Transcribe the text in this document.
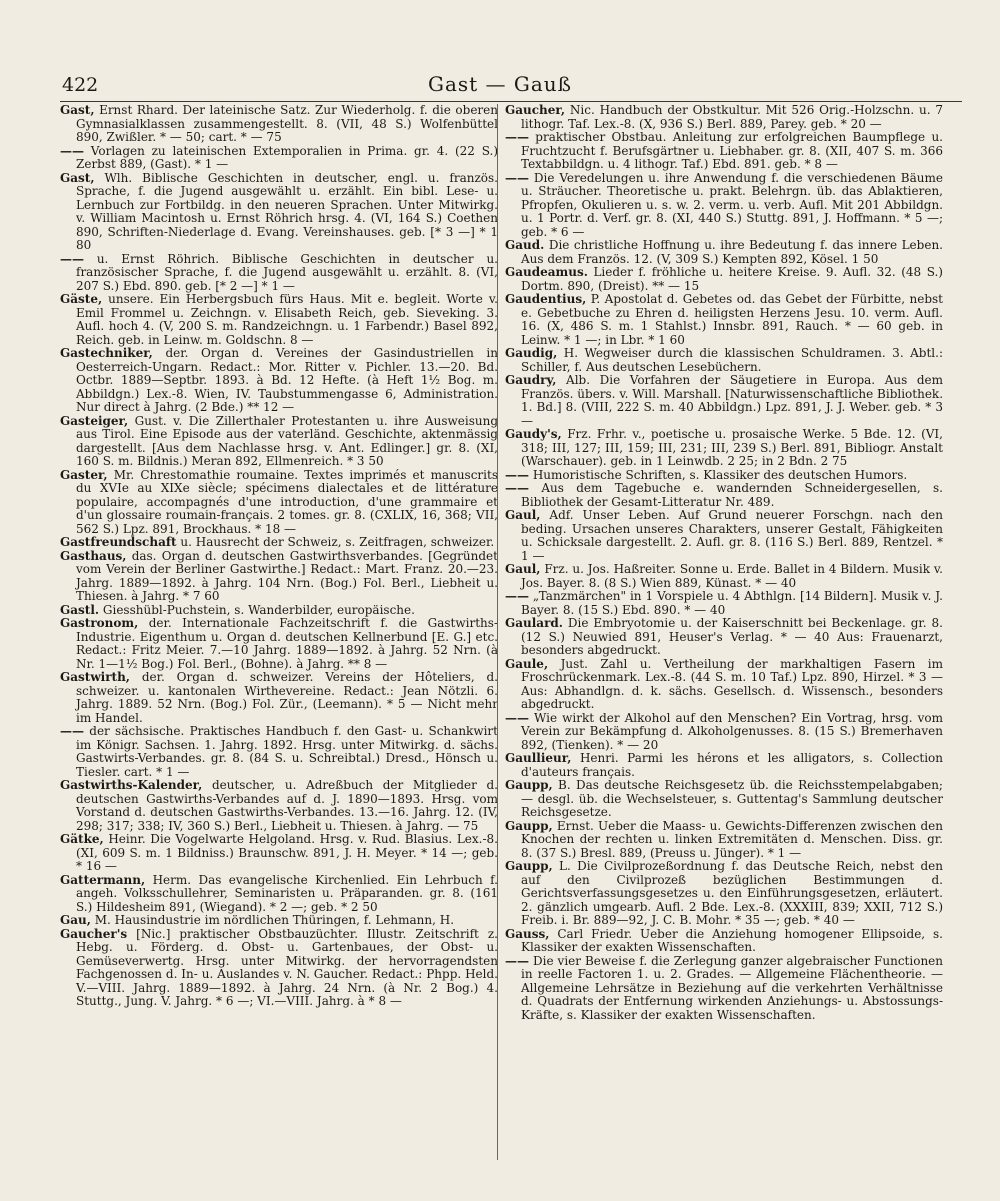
422	Gast — Gauß

Gast, Ernst Rhard. Der lateinische Satz. Zur Wiederholg. f. die oberen Gymnasialklassen zusammengestellt. 8. (VII, 48 S.) Wolfenbüttel 890, Zwißler. * — 50; cart. * — 75

—— Vorlagen zu lateinischen Extemporalien in Prima. gr. 4. (22 S.) Zerbst 889, (Gast). * 1 —

Gast, Wlh. Biblische Geschichten in deutscher, engl. u. französ. Sprache, f. die Jugend ausgewählt u. erzählt. Ein bibl. Lese- u. Lernbuch zur Fortbildg. in den neueren Sprachen. Unter Mitwirkg. v. William Macintosh u. Ernst Röhrich hrsg. 4. (VI, 164 S.) Coethen 890, Schriften-Niederlage d. Evang. Vereinshauses. geb. [* 3 —] * 1 80

—— u. Ernst Röhrich. Biblische Geschichten in deutscher u. französischer Sprache, f. die Jugend ausgewählt u. erzählt. 8. (VI, 207 S.) Ebd. 890. geb. [* 2 —] * 1 —

Gäste, unsere. Ein Herbergsbuch fürs Haus. Mit e. begleit. Worte v. Emil Frommel u. Zeichngn. v. Elisabeth Reich, geb. Sieveking. 3. Aufl. hoch 4. (V, 200 S. m. Randzeichngn. u. 1 Farbendr.) Basel 892, Reich. geb. in Leinw. m. Goldschn. 8 —

Gastechniker, der. Organ d. Vereines der Gasindustriellen in Oesterreich-Ungarn. Redact.: Mor. Ritter v. Pichler. 13.—20. Bd. Octbr. 1889—Septbr. 1893. à Bd. 12 Hefte. (à Heft 1½ Bog. m. Abbildgn.) Lex.-8. Wien, IV. Taubstummengasse 6, Administration. Nur direct à Jahrg. (2 Bde.) ** 12 —

Gasteiger, Gust. v. Die Zillerthaler Protestanten u. ihre Ausweisung aus Tirol. Eine Episode aus der vaterländ. Geschichte, aktenmässig dargestellt. [Aus dem Nachlasse hrsg. v. Ant. Edlinger.] gr. 8. (XI, 160 S. m. Bildnis.) Meran 892, Ellmenreich. * 3 50

Gaster, Mr. Chrestomathie roumaine. Textes imprimés et manuscrits du XVIe au XIXe siècle; spécimens dialectales et de littérature populaire, accompagnés d'une introduction, d'une grammaire et d'un glossaire roumain-français. 2 tomes. gr. 8. (CXLIX, 16, 368; VII, 562 S.) Lpz. 891, Brockhaus. * 18 —

Gastfreundschaft u. Hausrecht der Schweiz, s. Zeitfragen, schweizer.

Gasthaus, das. Organ d. deutschen Gastwirthsverbandes. [Gegründet vom Verein der Berliner Gastwirthe.] Redact.: Mart. Franz. 20.—23. Jahrg. 1889—1892. à Jahrg. 104 Nrn. (Bog.) Fol. Berl., Liebheit u. Thiesen. à Jahrg. * 7 60

Gastl. Giesshübl-Puchstein, s. Wanderbilder, europäische.

Gastronom, der. Internationale Fachzeitschrift f. die Gastwirths-Industrie. Eigenthum u. Organ d. deutschen Kellnerbund [E. G.] etc. Redact.: Fritz Meier. 7.—10 Jahrg. 1889—1892. à Jahrg. 52 Nrn. (à Nr. 1—1½ Bog.) Fol. Berl., (Bohne). à Jahrg. ** 8 —

Gastwirth, der. Organ d. schweizer. Vereins der Hôteliers, d. schweizer. u. kantonalen Wirthevereine. Redact.: Jean Nötzli. 6. Jahrg. 1889. 52 Nrn. (Bog.) Fol. Zür., (Leemann). * 5 — Nicht mehr im Handel.

—— der sächsische. Praktisches Handbuch f. den Gast- u. Schankwirt im Königr. Sachsen. 1. Jahrg. 1892. Hrsg. unter Mitwirkg. d. sächs. Gastwirts-Verbandes. gr. 8. (84 S. u. Schreibtal.) Dresd., Hönsch u. Tiesler. cart. * 1 —

Gastwirths-Kalender, deutscher, u. Adreßbuch der Mitglieder d. deutschen Gastwirths-Verbandes auf d. J. 1890—1893. Hrsg. vom Vorstand d. deutschen Gastwirths-Verbandes. 13.—16. Jahrg. 12. (IV, 298; 317; 338; IV, 360 S.) Berl., Liebheit u. Thiesen. à Jahrg. — 75

Gätke, Heinr. Die Vogelwarte Helgoland. Hrsg. v. Rud. Blasius. Lex.-8. (XI, 609 S. m. 1 Bildniss.) Braunschw. 891, J. H. Meyer. * 14 —; geb. * 16 —

Gattermann, Herm. Das evangelische Kirchenlied. Ein Lehrbuch f. angeh. Volksschullehrer, Seminaristen u. Präparanden. gr. 8. (161 S.) Hildesheim 891, (Wiegand). * 2 —; geb. * 2 50

Gau, M. Hausindustrie im nördlichen Thüringen, f. Lehmann, H.

Gaucher's [Nic.] praktischer Obstbauzüchter. Illustr. Zeitschrift z. Hebg. u. Förderg. d. Obst- u. Gartenbaues, der Obst- u. Gemüseverwertg. Hrsg. unter Mitwirkg. der hervorragendsten Fachgenossen d. In- u. Auslandes v. N. Gaucher. Redact.: Phpp. Held. V.—VIII. Jahrg. 1889—1892. à Jahrg. 24 Nrn. (à Nr. 2 Bog.) 4. Stuttg., Jung. V. Jahrg. * 6 —; VI.—VIII. Jahrg. à * 8 —

Gaucher, Nic. Handbuch der Obstkultur. Mit 526 Orig.-Holzschn. u. 7 lithogr. Taf. Lex.-8. (X, 936 S.) Berl. 889, Parey. geb. * 20 —

—— praktischer Obstbau. Anleitung zur erfolgreichen Baumpflege u. Fruchtzucht f. Berufsgärtner u. Liebhaber. gr. 8. (XII, 407 S. m. 366 Textabbildgn. u. 4 lithogr. Taf.) Ebd. 891. geb. * 8 —

—— Die Veredelungen u. ihre Anwendung f. die verschiedenen Bäume u. Sträucher. Theoretische u. prakt. Belehrgn. üb. das Ablaktieren, Pfropfen, Okulieren u. s. w. 2. verm. u. verb. Aufl. Mit 201 Abbildgn. u. 1 Portr. d. Verf. gr. 8. (XI, 440 S.) Stuttg. 891, J. Hoffmann. * 5 —; geb. * 6 —

Gaud. Die christliche Hoffnung u. ihre Bedeutung f. das innere Leben. Aus dem Französ. 12. (V, 309 S.) Kempten 892, Kösel. 1 50

Gaudeamus. Lieder f. fröhliche u. heitere Kreise. 9. Aufl. 32. (48 S.) Dortm. 890, (Dreist). ** — 15

Gaudentius, P. Apostolat d. Gebetes od. das Gebet der Fürbitte, nebst e. Gebetbuche zu Ehren d. heiligsten Herzens Jesu. 10. verm. Aufl. 16. (X, 486 S. m. 1 Stahlst.) Innsbr. 891, Rauch. * — 60 geb. in Leinw. * 1 —; in Lbr. * 1 60

Gaudig, H. Wegweiser durch die klassischen Schuldramen. 3. Abtl.: Schiller, f. Aus deutschen Lesebüchern.

Gaudry, Alb. Die Vorfahren der Säugetiere in Europa. Aus dem Französ. übers. v. Will. Marshall. [Naturwissenschaftliche Bibliothek. 1. Bd.] 8. (VIII, 222 S. m. 40 Abbildgn.) Lpz. 891, J. J. Weber. geb. * 3 —

Gaudy's, Frz. Frhr. v., poetische u. prosaische Werke. 5 Bde. 12. (VI, 318; III, 127; III, 159; III, 231; III, 239 S.) Berl. 891, Bibliogr. Anstalt (Warschauer). geb. in 1 Leinwdb. 2 25; in 2 Bdn. 2 75

—— Humoristische Schriften, s. Klassiker des deutschen Humors.

—— Aus dem Tagebuche e. wandernden Schneidergesellen, s. Bibliothek der Gesamt-Litteratur Nr. 489.

Gaul, Adf. Unser Leben. Auf Grund neuerer Forschgn. nach den beding. Ursachen unseres Charakters, unserer Gestalt, Fähigkeiten u. Schicksale dargestellt. 2. Aufl. gr. 8. (116 S.) Berl. 889, Rentzel. * 1 —

Gaul, Frz. u. Jos. Haßreiter. Sonne u. Erde. Ballet in 4 Bildern. Musik v. Jos. Bayer. 8. (8 S.) Wien 889, Künast. * — 40

—— „Tanzmärchen" in 1 Vorspiele u. 4 Abthlgn. [14 Bildern]. Musik v. J. Bayer. 8. (15 S.) Ebd. 890. * — 40

Gaulard. Die Embryotomie u. der Kaiserschnitt bei Beckenlage. gr. 8. (12 S.) Neuwied 891, Heuser's Verlag. * — 40 Aus: Frauenarzt, besonders abgedruckt.

Gaule, Just. Zahl u. Vertheilung der markhaltigen Fasern im Froschrückenmark. Lex.-8. (44 S. m. 10 Taf.) Lpz. 890, Hirzel. * 3 — Aus: Abhandlgn. d. k. sächs. Gesellsch. d. Wissensch., besonders abgedruckt.

—— Wie wirkt der Alkohol auf den Menschen? Ein Vortrag, hrsg. vom Verein zur Bekämpfung d. Alkoholgenusses. 8. (15 S.) Bremerhaven 892, (Tienken). * — 20

Gaullieur, Henri. Parmi les hérons et les alligators, s. Collection d'auteurs français.

Gaupp, B. Das deutsche Reichsgesetz üb. die Reichsstempelabgaben; — desgl. üb. die Wechselsteuer, s. Guttentag's Sammlung deutscher Reichsgesetze.

Gaupp, Ernst. Ueber die Maass- u. Gewichts-Differenzen zwischen den Knochen der rechten u. linken Extremitäten d. Menschen. Diss. gr. 8. (37 S.) Bresl. 889, (Preuss u. Jünger). * 1 —

Gaupp, L. Die Civilprozeßordnung f. das Deutsche Reich, nebst den auf den Civilprozeß bezüglichen Bestimmungen d. Gerichtsverfassungsgesetzes u. den Einführungsgesetzen, erläutert. 2. gänzlich umgearb. Aufl. 2 Bde. Lex.-8. (XXXIII, 839; XXII, 712 S.) Freib. i. Br. 889—92, J. C. B. Mohr. * 35 —; geb. * 40 —

Gauss, Carl Friedr. Ueber die Anziehung homogener Ellipsoide, s. Klassiker der exakten Wissenschaften.

—— Die vier Beweise f. die Zerlegung ganzer algebraischer Functionen in reelle Factoren 1. u. 2. Grades. — Allgemeine Flächentheorie. — Allgemeine Lehrsätze in Beziehung auf die verkehrten Verhältnisse d. Quadrats der Entfernung wirkenden Anziehungs- u. Abstossungs-Kräfte, s. Klassiker der exakten Wissenschaften.
